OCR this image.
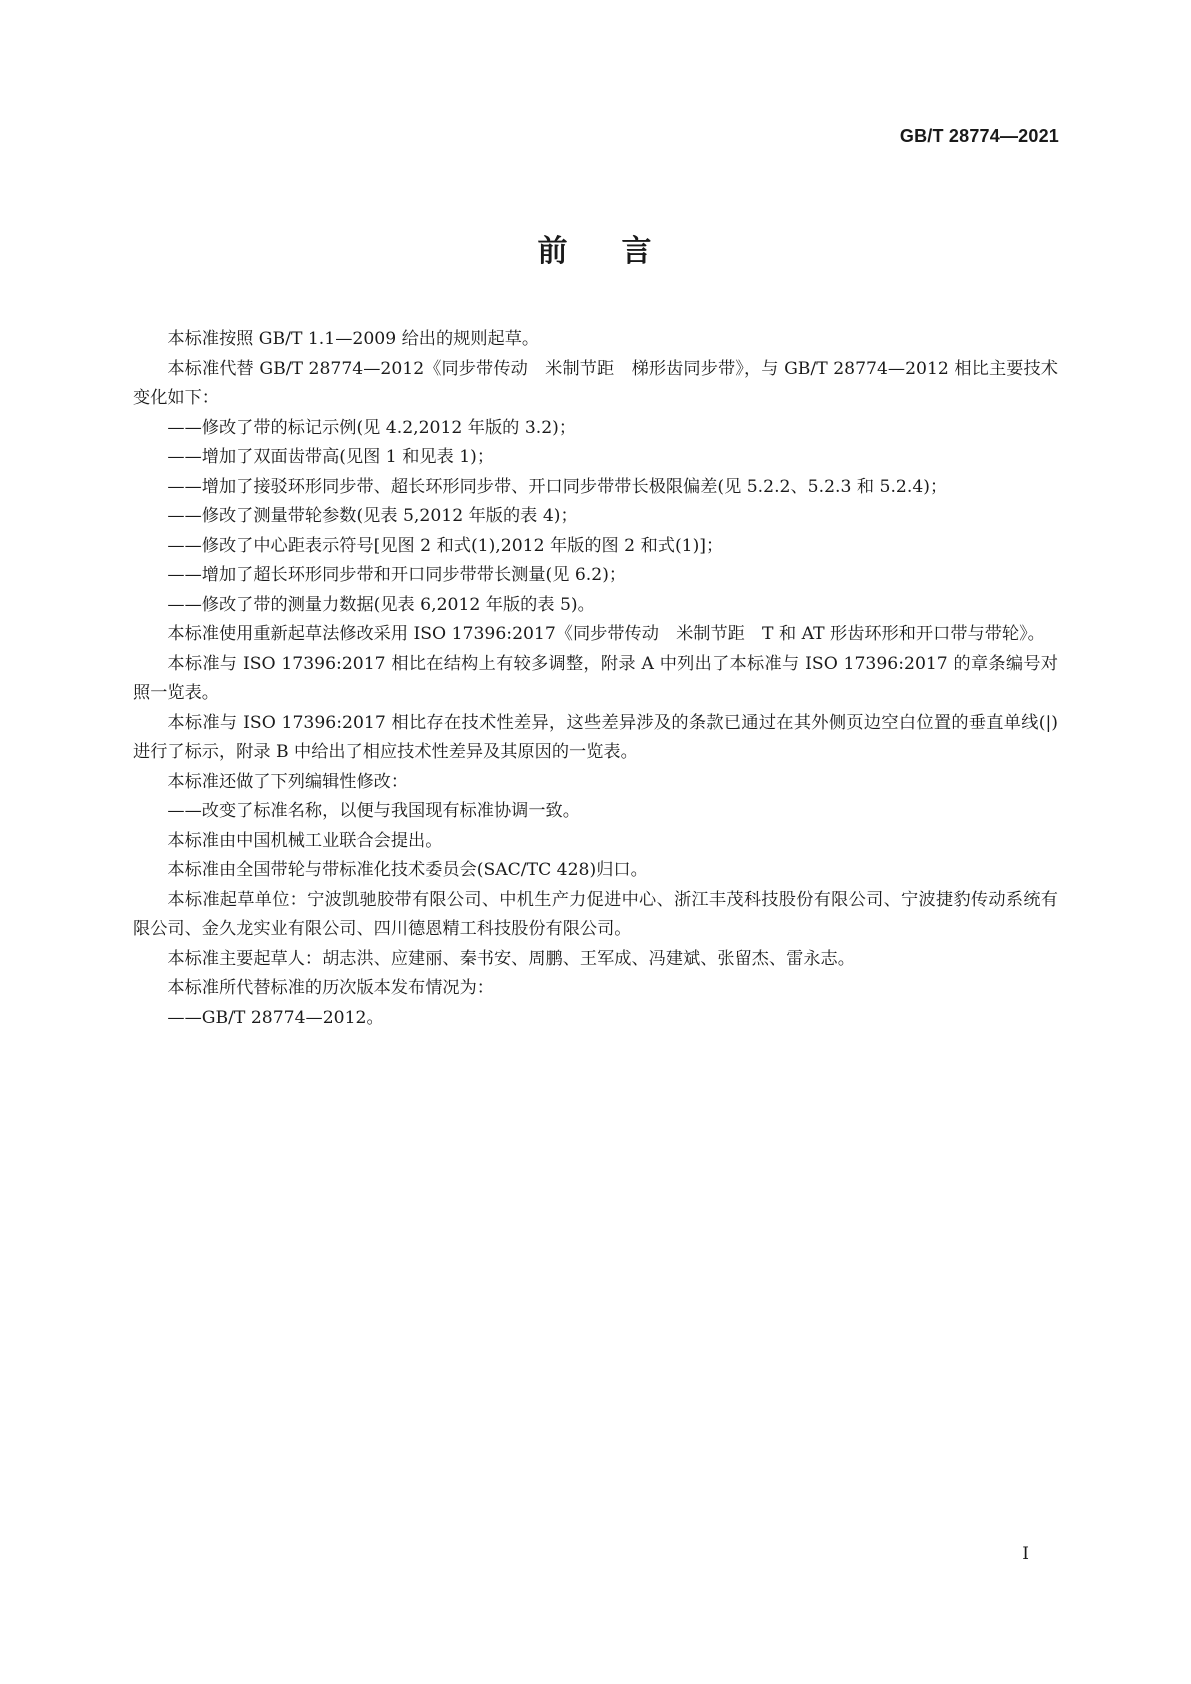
GB/T 28774—2021
前 言

本标准按照 GB/T 1.1—2009 给出的规则起草。

本标准代替 GB/T 28774—2012《同步带传动　米制节距　梯形齿同步带》，与 GB/T 28774—2012 相比主要技术变化如下：

——修改了带的标记示例(见 4.2,2012 年版的 3.2)；

——增加了双面齿带高(见图 1 和见表 1)；

——增加了接驳环形同步带、超长环形同步带、开口同步带带长极限偏差(见 5.2.2、5.2.3 和 5.2.4)；

——修改了测量带轮参数(见表 5,2012 年版的表 4)；

——修改了中心距表示符号[见图 2 和式(1),2012 年版的图 2 和式(1)]；

——增加了超长环形同步带和开口同步带带长测量(见 6.2)；

——修改了带的测量力数据(见表 6,2012 年版的表 5)。

本标准使用重新起草法修改采用 ISO 17396:2017《同步带传动　米制节距　T 和 AT 形齿环形和开口带与带轮》。

本标准与 ISO 17396:2017 相比在结构上有较多调整，附录 A 中列出了本标准与 ISO 17396:2017 的章条编号对照一览表。

本标准与 ISO 17396:2017 相比存在技术性差异，这些差异涉及的条款已通过在其外侧页边空白位置的垂直单线(|)进行了标示，附录 B 中给出了相应技术性差异及其原因的一览表。

本标准还做了下列编辑性修改：

——改变了标准名称，以便与我国现有标准协调一致。

本标准由中国机械工业联合会提出。

本标准由全国带轮与带标准化技术委员会(SAC/TC 428)归口。

本标准起草单位：宁波凯驰胶带有限公司、中机生产力促进中心、浙江丰茂科技股份有限公司、宁波捷豹传动系统有限公司、金久龙实业有限公司、四川德恩精工科技股份有限公司。

本标准主要起草人：胡志洪、应建丽、秦书安、周鹏、王军成、冯建斌、张留杰、雷永志。

本标准所代替标准的历次版本发布情况为：

——GB/T 28774—2012。

I
